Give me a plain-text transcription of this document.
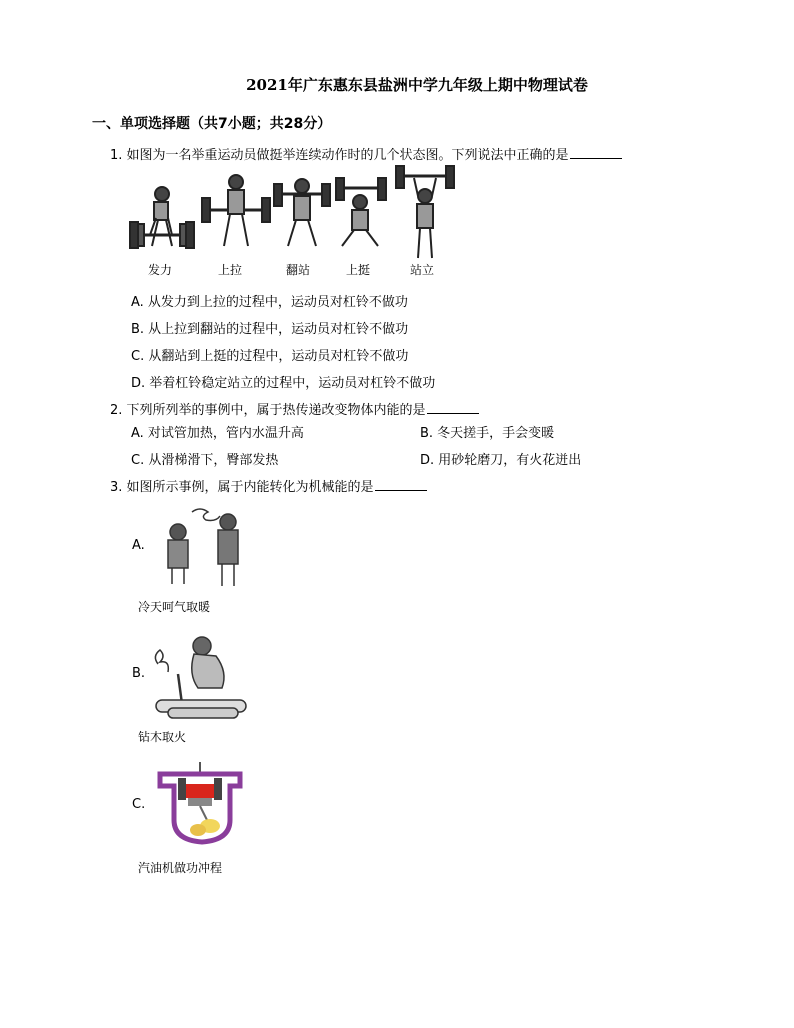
2021年广东惠东县盐洲中学九年级上期中物理试卷
一、单项选择题（共7小题；共28分）
1. 如图为一名举重运动员做挺举连续动作时的几个状态图。下列说法中正确的是
发力	上拉	翻站	上挺	站立
A. 从发力到上拉的过程中，运动员对杠铃不做功
B. 从上拉到翻站的过程中，运动员对杠铃不做功
C. 从翻站到上挺的过程中，运动员对杠铃不做功
D. 举着杠铃稳定站立的过程中，运动员对杠铃不做功
2. 下列所列举的事例中，属于热传递改变物体内能的是
A. 对试管加热，管内水温升高	B. 冬天搓手，手会变暖
C. 从滑梯滑下，臀部发热	D. 用砂轮磨刀，有火花迸出
3. 如图所示事例，属于内能转化为机械能的是
A.
冷天呵气取暖
B.
钻木取火
C.
汽油机做功冲程
